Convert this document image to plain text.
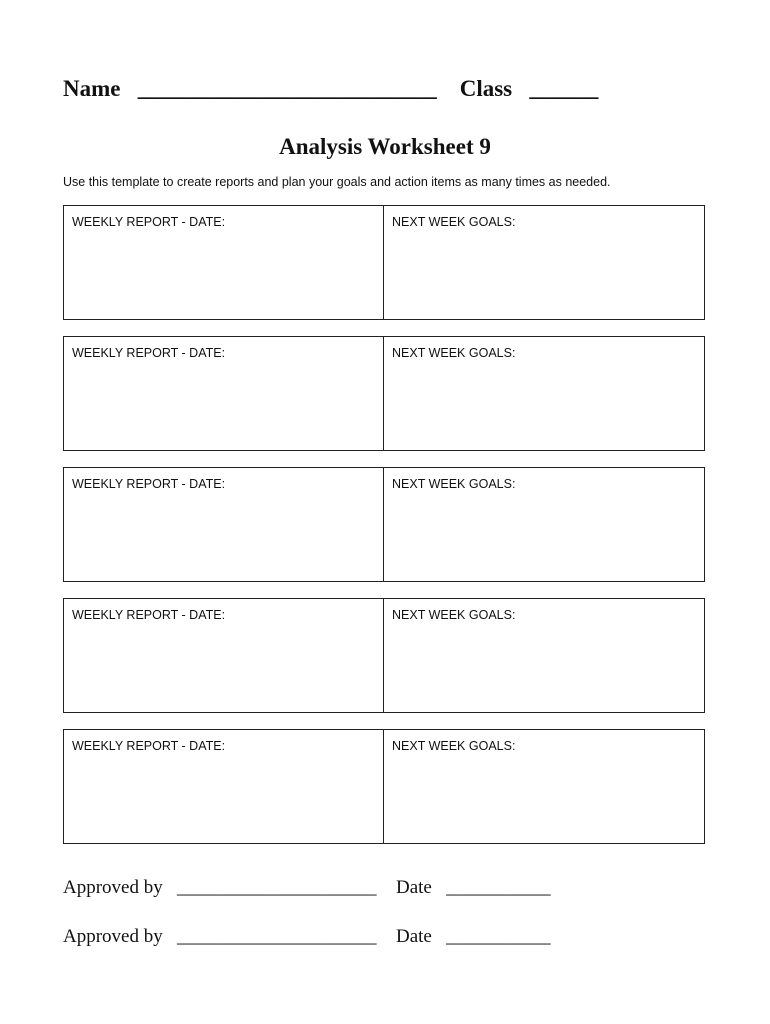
Name __________________________ Class ______
Analysis Worksheet 9
Use this template to create reports and plan your goals and action items as many times as needed.
WEEKLY REPORT - DATE:	NEXT WEEK GOALS:
WEEKLY REPORT - DATE:	NEXT WEEK GOALS:
WEEKLY REPORT - DATE:	NEXT WEEK GOALS:
WEEKLY REPORT - DATE:	NEXT WEEK GOALS:
WEEKLY REPORT - DATE:	NEXT WEEK GOALS:
Approved by _____________________ Date ___________
Approved by _____________________ Date ___________
